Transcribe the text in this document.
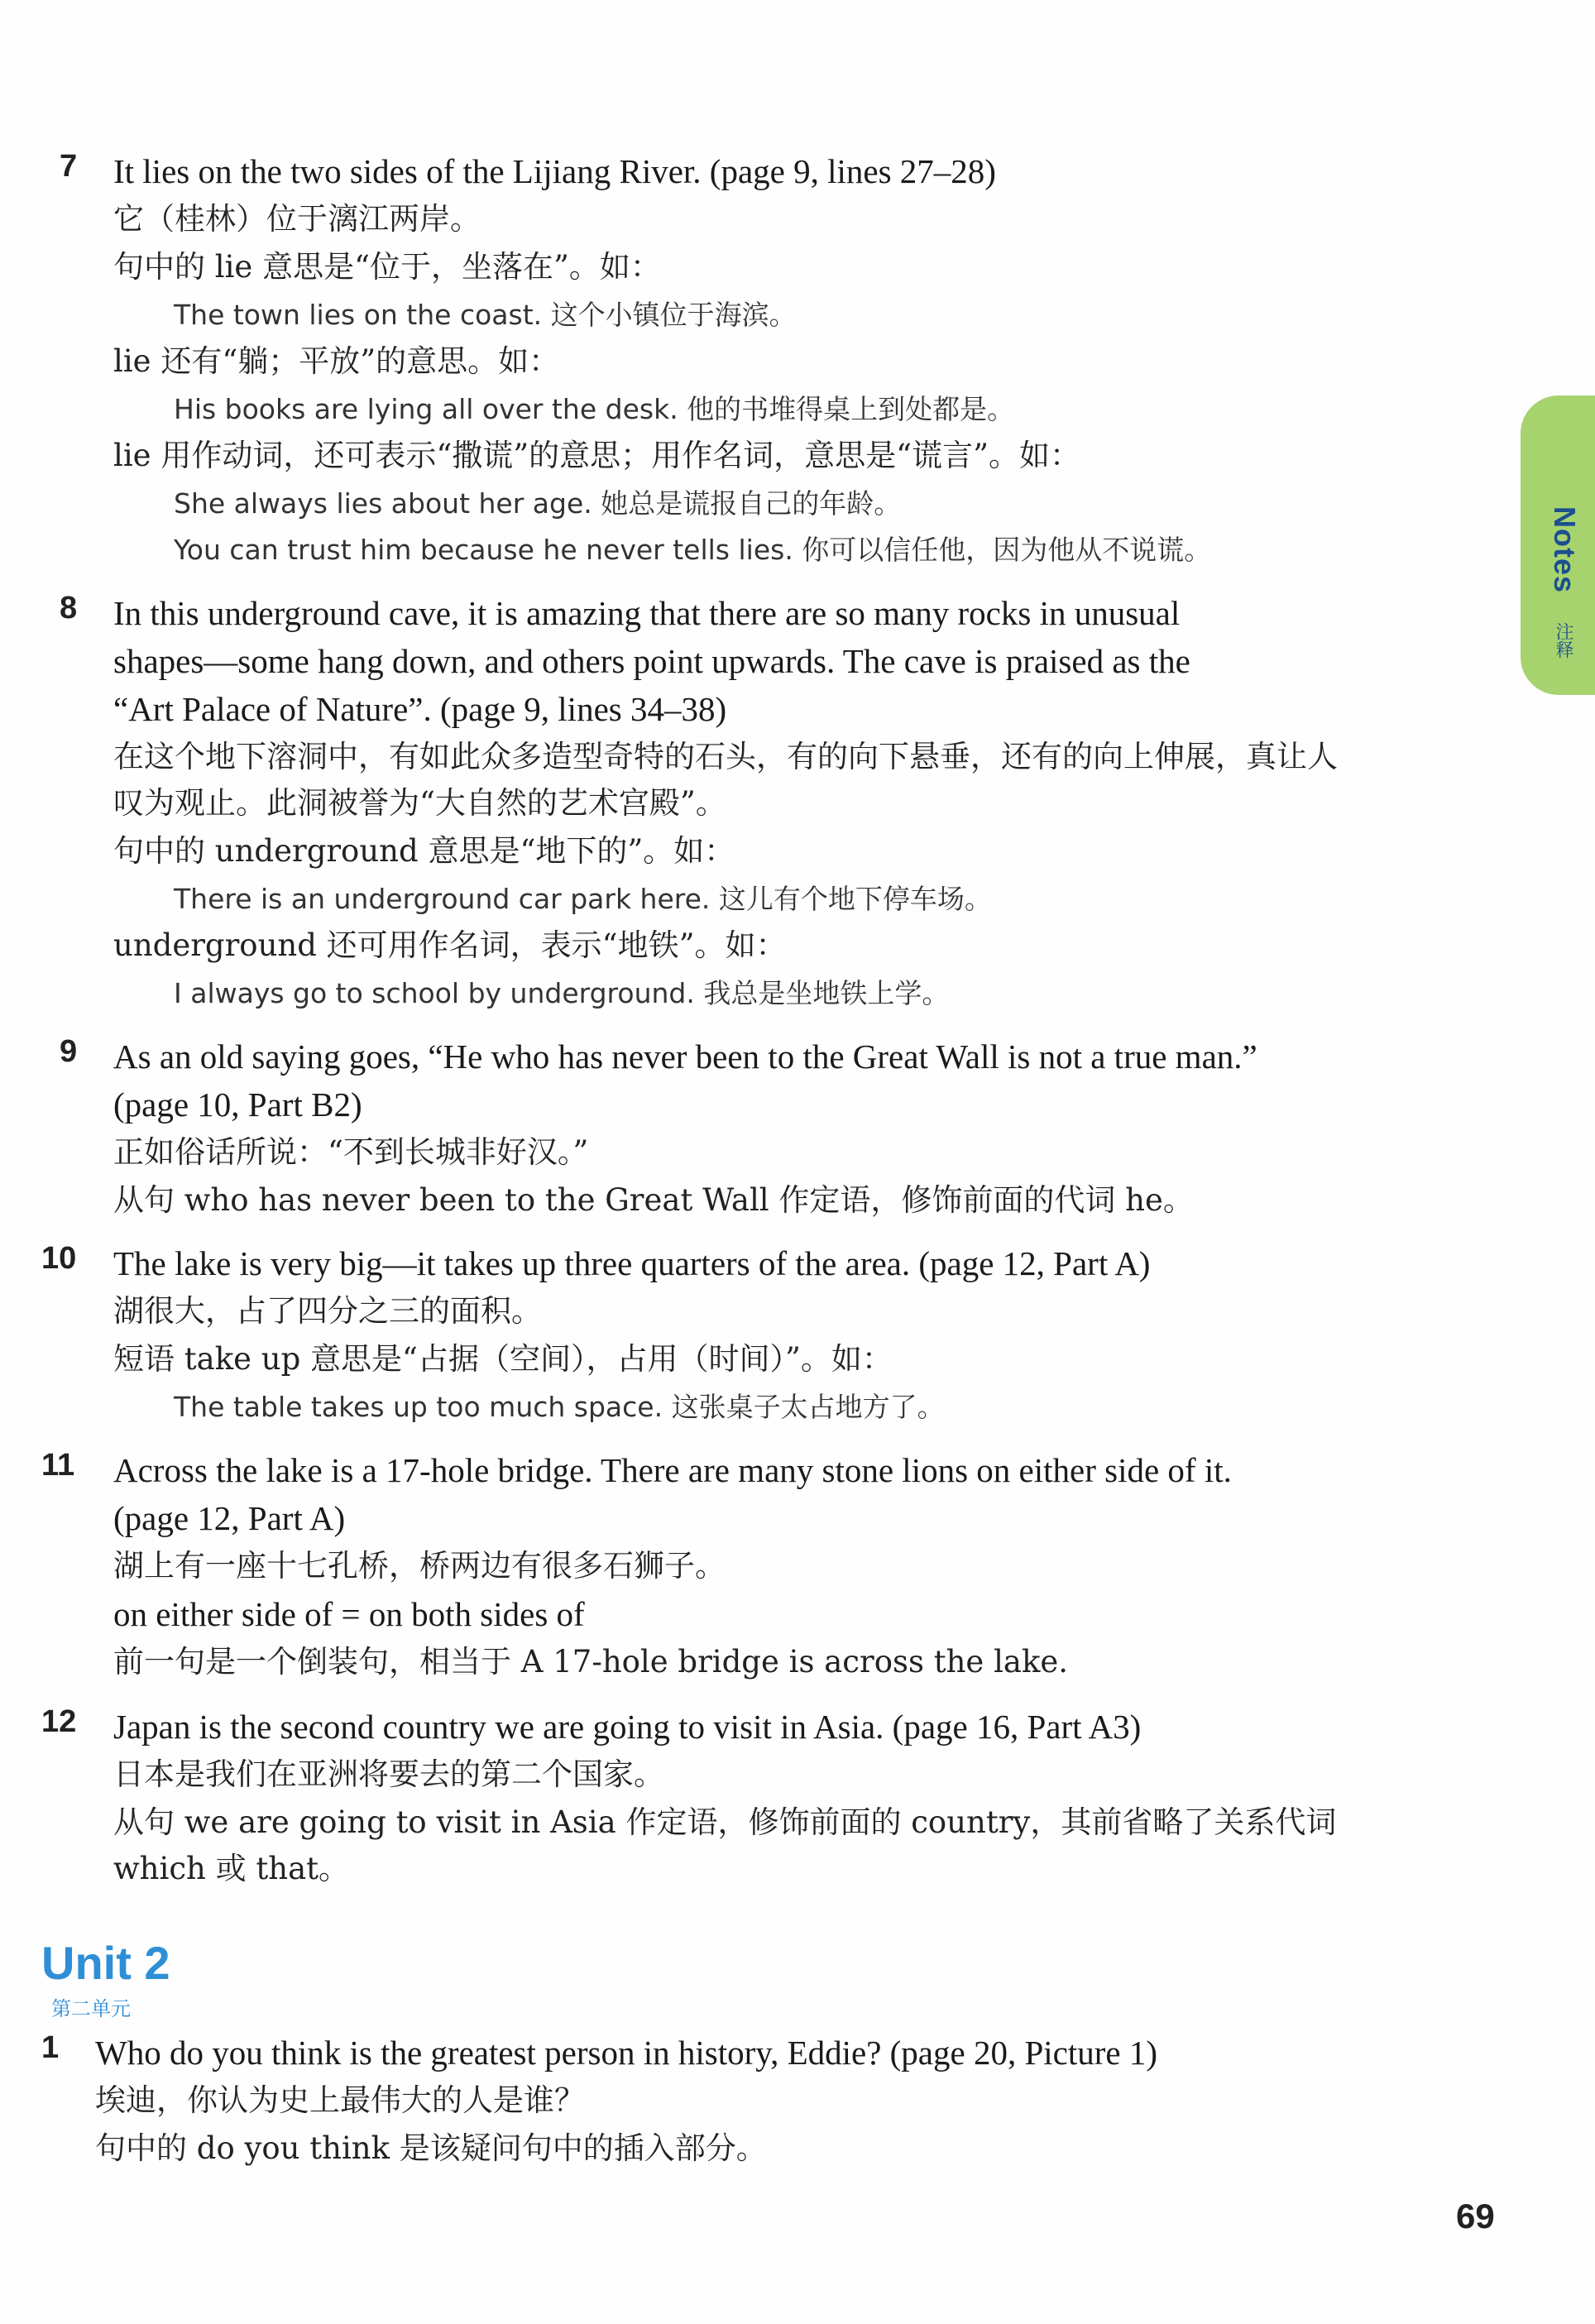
Notes
注释
7 It lies on the two sides of the Lijiang River. (page 9, lines 27–28)
它（桂林）位于漓江两岸。
句中的 lie 意思是“位于，坐落在”。如：
The town lies on the coast. 这个小镇位于海滨。
lie 还有“躺；平放”的意思。如：
His books are lying all over the desk. 他的书堆得桌上到处都是。
lie 用作动词，还可表示“撒谎”的意思；用作名词，意思是“谎言”。如：
She always lies about her age. 她总是谎报自己的年龄。
You can trust him because he never tells lies. 你可以信任他，因为他从不说谎。
8 In this underground cave, it is amazing that there are so many rocks in unusual
shapes—some hang down, and others point upwards. The cave is praised as the
“Art Palace of Nature”. (page 9, lines 34–38)
在这个地下溶洞中，有如此众多造型奇特的石头，有的向下悬垂，还有的向上伸展，真让人
叹为观止。此洞被誉为“大自然的艺术宫殿”。
句中的 underground 意思是“地下的”。如：
There is an underground car park here. 这儿有个地下停车场。
underground 还可用作名词，表示“地铁”。如：
I always go to school by underground. 我总是坐地铁上学。
9 As an old saying goes, “He who has never been to the Great Wall is not a true man.”
(page 10, Part B2)
正如俗话所说：“不到长城非好汉。”
从句 who has never been to the Great Wall 作定语，修饰前面的代词 he。
10 The lake is very big—it takes up three quarters of the area. (page 12, Part A)
湖很大，占了四分之三的面积。
短语 take up 意思是“占据（空间），占用（时间）”。如：
The table takes up too much space. 这张桌子太占地方了。
11 Across the lake is a 17-hole bridge. There are many stone lions on either side of it.
(page 12, Part A)
湖上有一座十七孔桥，桥两边有很多石狮子。
on either side of = on both sides of
前一句是一个倒装句，相当于 A 17-hole bridge is across the lake.
12 Japan is the second country we are going to visit in Asia. (page 16, Part A3)
日本是我们在亚洲将要去的第二个国家。
从句 we are going to visit in Asia 作定语，修饰前面的 country，其前省略了关系代词
which 或 that。
Unit 2
第二单元
1 Who do you think is the greatest person in history, Eddie? (page 20, Picture 1)
埃迪，你认为史上最伟大的人是谁？
句中的 do you think 是该疑问句中的插入部分。
69
